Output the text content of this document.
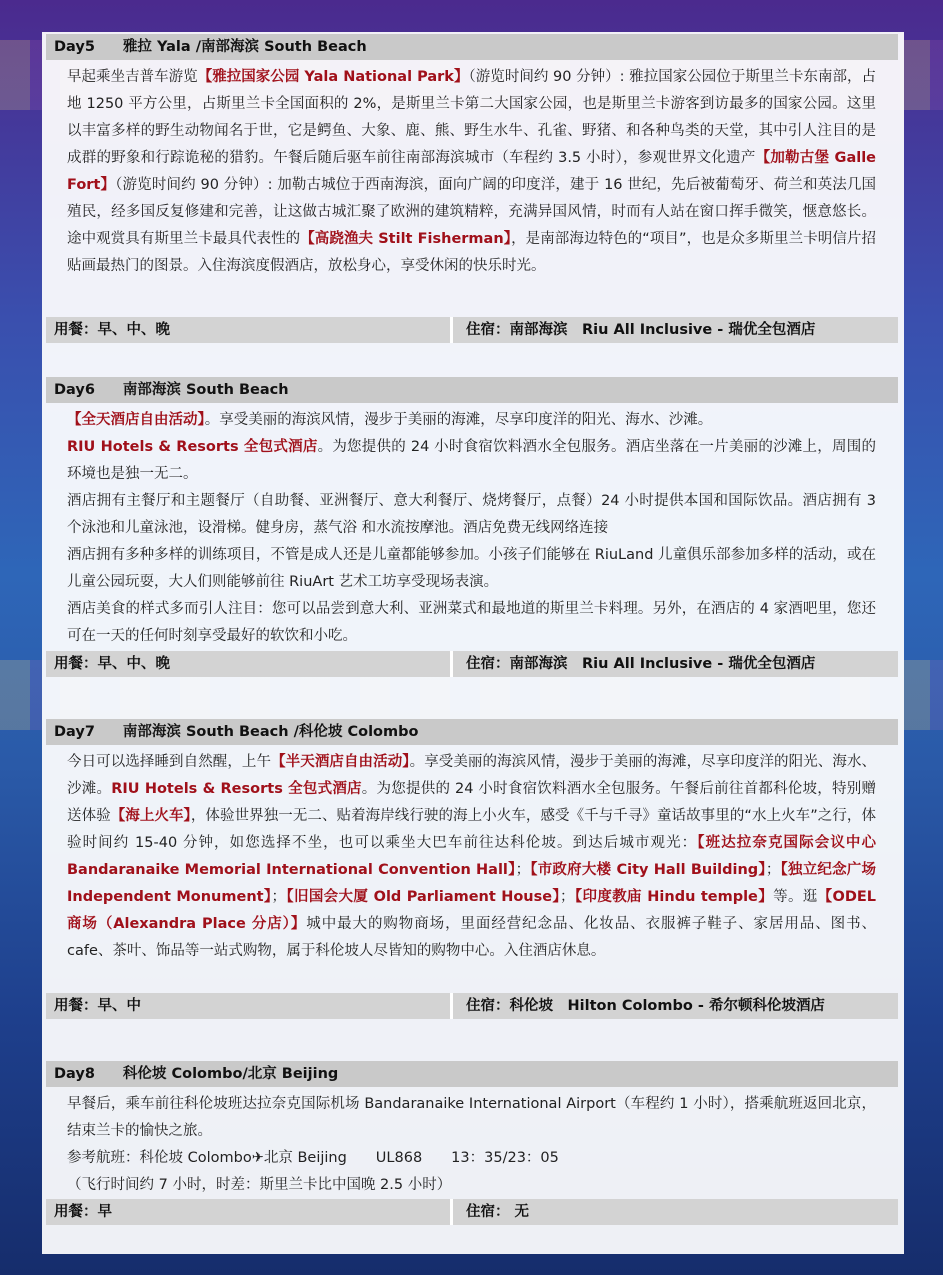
Day5 雅拉 Yala /南部海滨 South Beach

早起乘坐吉普车游览【雅拉国家公园 Yala National Park】（游览时间约 90 分钟）: 雅拉国家公园位于斯里兰卡东南部，占地 1250 平方公里，占斯里兰卡全国面积的 2%，是斯里兰卡第二大国家公园，也是斯里兰卡游客到访最多的国家公园。这里以丰富多样的野生动物闻名于世，它是鳄鱼、大象、鹿、熊、野生水牛、孔雀、野猪、和各种鸟类的天堂，其中引人注目的是成群的野象和行踪诡秘的猎豹。午餐后随后驱车前往南部海滨城市（车程约 3.5 小时），参观世界文化遗产【加勒古堡 Galle Fort】（游览时间约 90 分钟）: 加勒古城位于西南海滨，面向广阔的印度洋，建于 16 世纪，先后被葡萄牙、荷兰和英法几国殖民，经多国反复修建和完善，让这做古城汇聚了欧洲的建筑精粹，充满异国风情，时而有人站在窗口挥手微笑，惬意悠长。途中观赏具有斯里兰卡最具代表性的【高跷渔夫 Stilt Fisherman】，是南部海边特色的“项目”，也是众多斯里兰卡明信片招贴画最热门的图景。入住海滨度假酒店，放松身心，享受休闲的快乐时光。

用餐：早、中、晚	住宿：南部海滨　Riu All Inclusive - 瑞优全包酒店
Day6 南部海滨 South Beach

【全天酒店自由活动】。享受美丽的海滨风情，漫步于美丽的海滩，尽享印度洋的阳光、海水、沙滩。

RIU Hotels & Resorts 全包式酒店。为您提供的 24 小时食宿饮料酒水全包服务。酒店坐落在一片美丽的沙滩上，周围的环境也是独一无二。

酒店拥有主餐厅和主题餐厅（自助餐、亚洲餐厅、意大利餐厅、烧烤餐厅，点餐）24 小时提供本国和国际饮品。酒店拥有 3 个泳池和儿童泳池，设滑梯。健身房，蒸气浴 和水流按摩池。酒店免费无线网络连接

酒店拥有多种多样的训练项目，不管是成人还是儿童都能够参加。小孩子们能够在 RiuLand 儿童俱乐部参加多样的活动，或在儿童公园玩耍，大人们则能够前往 RiuArt 艺术工坊享受现场表演。

酒店美食的样式多而引人注目：您可以品尝到意大利、亚洲菜式和最地道的斯里兰卡料理。另外，在酒店的 4 家酒吧里，您还可在一天的任何时刻享受最好的软饮和小吃。

用餐：早、中、晚	住宿：南部海滨　Riu All Inclusive - 瑞优全包酒店
Day7 南部海滨 South Beach /科伦坡 Colombo

今日可以选择睡到自然醒，上午【半天酒店自由活动】。享受美丽的海滨风情，漫步于美丽的海滩，尽享印度洋的阳光、海水、沙滩。RIU Hotels & Resorts 全包式酒店。为您提供的 24 小时食宿饮料酒水全包服务。午餐后前往首都科伦坡，特别赠送体验【海上火车】，体验世界独一无二、贴着海岸线行驶的海上小火车，感受《千与千寻》童话故事里的“水上火车”之行，体验时间约 15-40 分钟，如您选择不坐，也可以乘坐大巴车前往达科伦坡。到达后城市观光：【班达拉奈克国际会议中心 Bandaranaike Memorial International Convention Hall】；【市政府大楼 City Hall Building】；【独立纪念广场 Independent Monument】；【旧国会大厦 Old Parliament House】；【印度教庙 Hindu temple】等。逛【ODEL 商场（Alexandra Place 分店）】城中最大的购物商场，里面经营纪念品、化妆品、衣服裤子鞋子、家居用品、图书、cafe、茶叶、饰品等一站式购物，属于科伦坡人尽皆知的购物中心。入住酒店休息。

用餐：早、中	住宿：科伦坡　Hilton Colombo - 希尔顿科伦坡酒店
Day8 科伦坡 Colombo/北京 Beijing

早餐后，乘车前往科伦坡班达拉奈克国际机场 Bandaranaike International Airport（车程约 1 小时），搭乘航班返回北京，结束兰卡的愉快之旅。

参考航班：科伦坡 Colombo✈北京 Beijing　　UL868　　13：35/23：05

（飞行时间约 7 小时，时差：斯里兰卡比中国晚 2.5 小时）

用餐：早	住宿： 无
